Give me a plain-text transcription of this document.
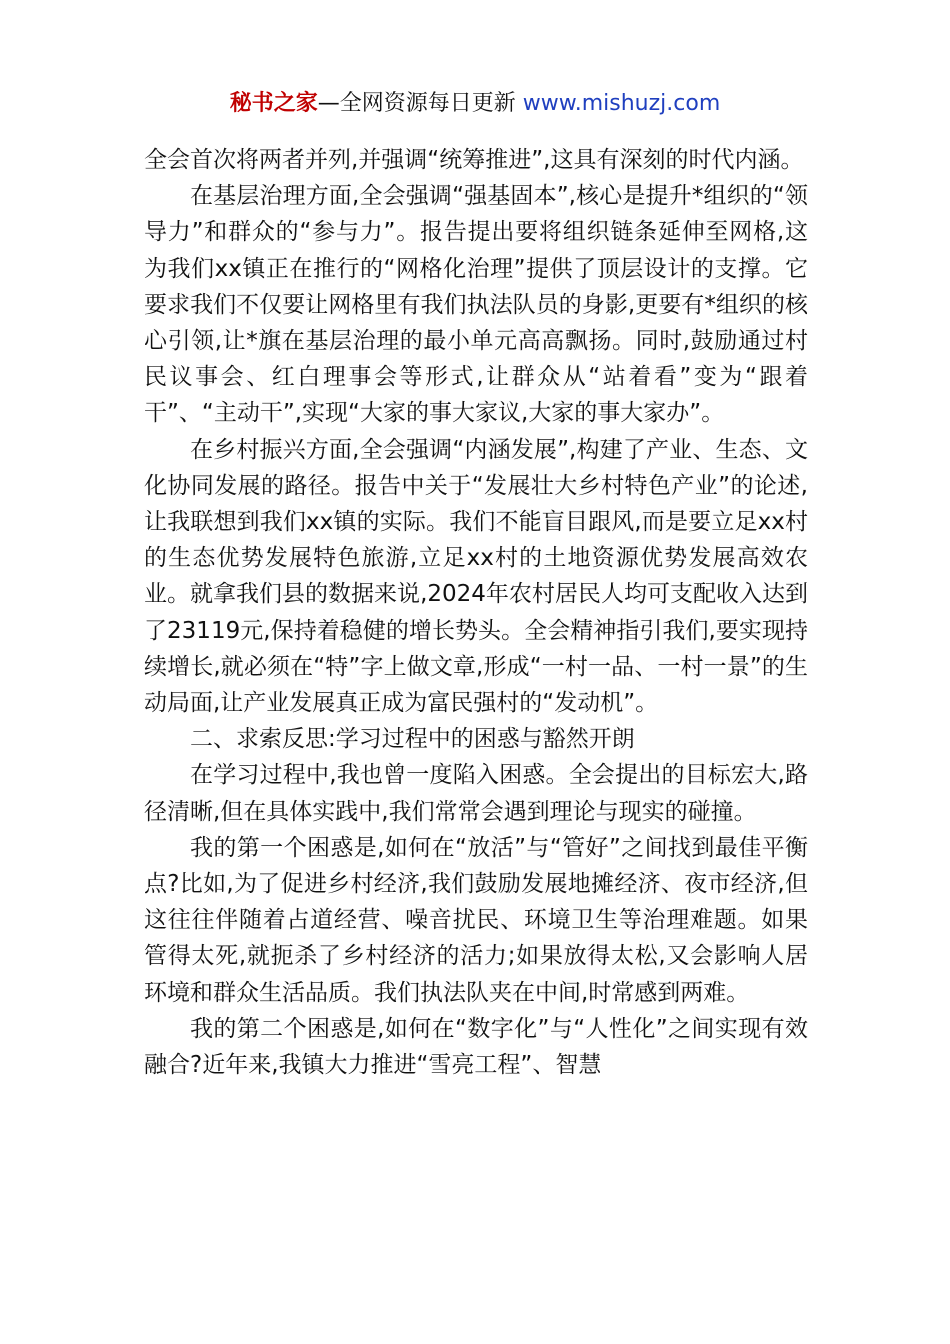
秘书之家—全网资源每日更新 www.mishuzj.com

全会首次将两者并列,并强调“统筹推进”,这具有深刻的时代内涵。

在基层治理方面,全会强调“强基固本”,核心是提升*组织的“领导力”和群众的“参与力”。报告提出要将组织链条延伸至网格,这为我们xx镇正在推行的“网格化治理”提供了顶层设计的支撑。它要求我们不仅要让网格里有我们执法队员的身影,更要有*组织的核心引领,让*旗在基层治理的最小单元高高飘扬。同时,鼓励通过村民议事会、红白理事会等形式,让群众从“站着看”变为“跟着干”、“主动干”,实现“大家的事大家议,大家的事大家办”。

在乡村振兴方面,全会强调“内涵发展”,构建了产业、生态、文化协同发展的路径。报告中关于“发展壮大乡村特色产业”的论述,让我联想到我们xx镇的实际。我们不能盲目跟风,而是要立足xx村的生态优势发展特色旅游,立足xx村的土地资源优势发展高效农业。就拿我们县的数据来说,2024年农村居民人均可支配收入达到了23119元,保持着稳健的增长势头。全会精神指引我们,要实现持续增长,就必须在“特”字上做文章,形成“一村一品、一村一景”的生动局面,让产业发展真正成为富民强村的“发动机”。

二、求索反思:学习过程中的困惑与豁然开朗

在学习过程中,我也曾一度陷入困惑。全会提出的目标宏大,路径清晰,但在具体实践中,我们常常会遇到理论与现实的碰撞。

我的第一个困惑是,如何在“放活”与“管好”之间找到最佳平衡点?比如,为了促进乡村经济,我们鼓励发展地摊经济、夜市经济,但这往往伴随着占道经营、噪音扰民、环境卫生等治理难题。如果管得太死,就扼杀了乡村经济的活力;如果放得太松,又会影响人居环境和群众生活品质。我们执法队夹在中间,时常感到两难。

我的第二个困惑是,如何在“数字化”与“人性化”之间实现有效融合?近年来,我镇大力推进“雪亮工程”、智慧
